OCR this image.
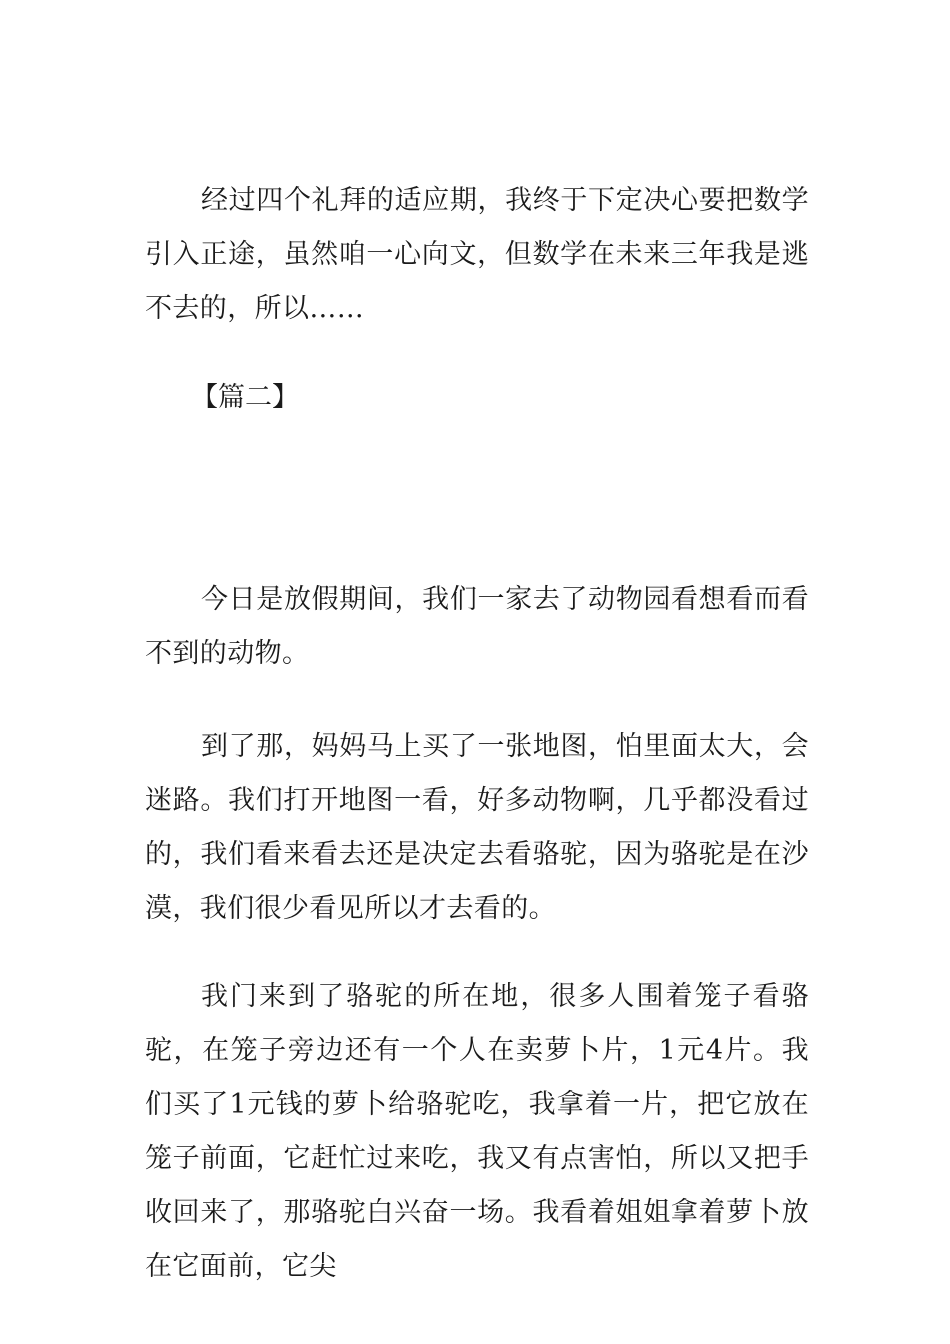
经过四个礼拜的适应期，我终于下定决心要把数学引入正途，虽然咱一心向文，但数学在未来三年我是逃不去的，所以……

【篇二】

今日是放假期间，我们一家去了动物园看想看而看不到的动物。

到了那，妈妈马上买了一张地图，怕里面太大，会迷路。我们打开地图一看，好多动物啊，几乎都没看过的，我们看来看去还是决定去看骆驼，因为骆驼是在沙漠，我们很少看见所以才去看的。

我门来到了骆驼的所在地，很多人围着笼子看骆驼，在笼子旁边还有一个人在卖萝卜片，1元4片。我们买了1元钱的萝卜给骆驼吃，我拿着一片，把它放在笼子前面，它赶忙过来吃，我又有点害怕，所以又把手收回来了，那骆驼白兴奋一场。我看着姐姐拿着萝卜放在它面前，它尖
